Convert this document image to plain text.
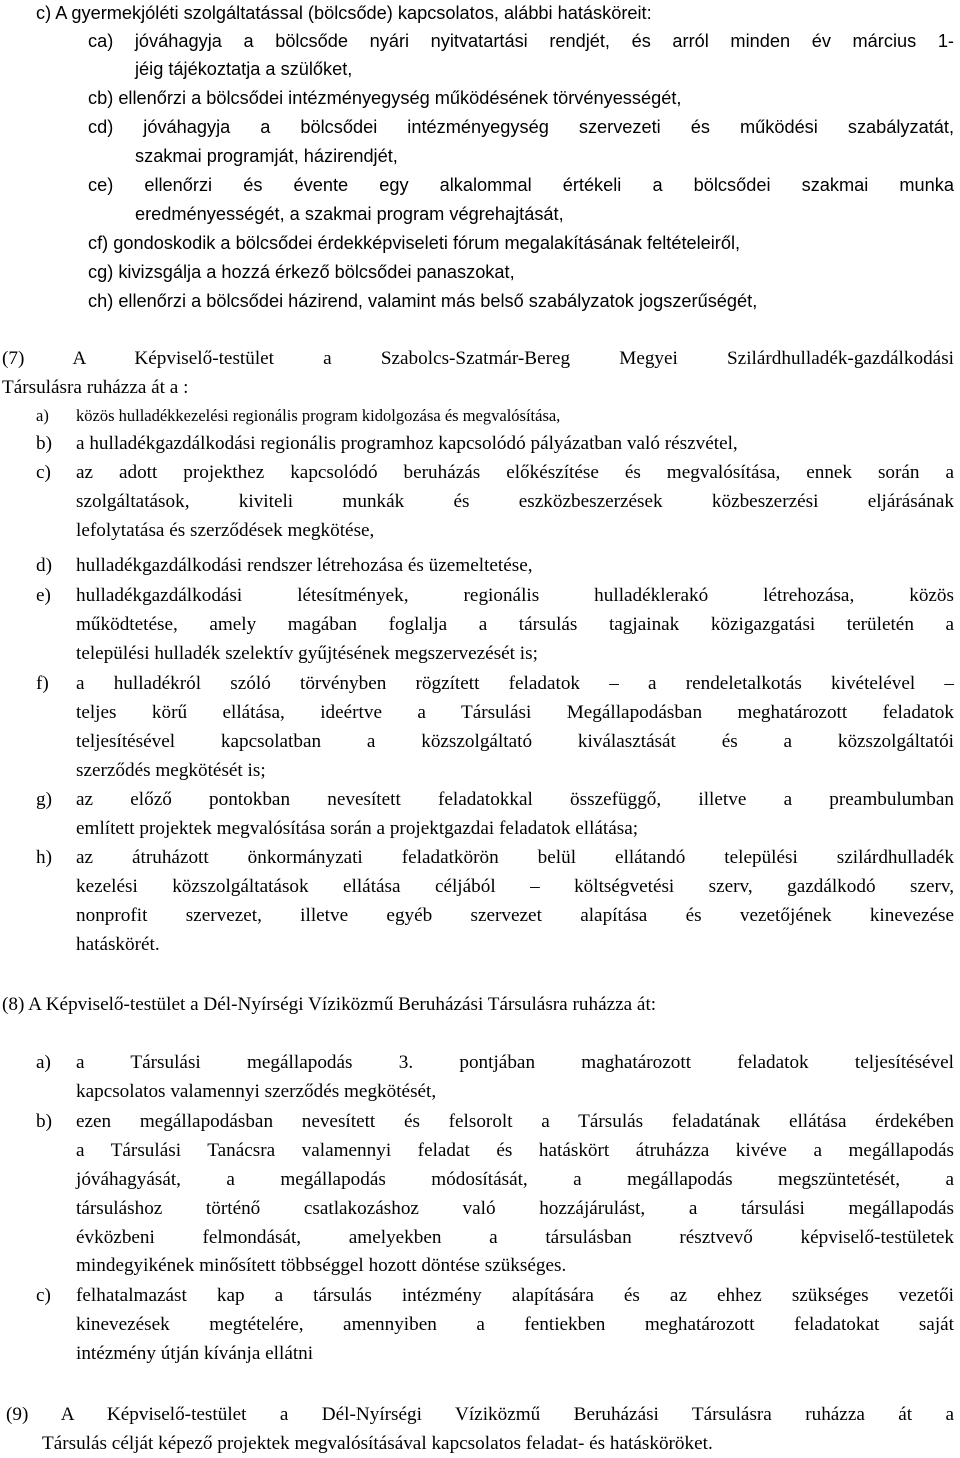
c) A gyermekjóléti szolgáltatással (bölcsőde) kapcsolatos, alábbi hatásköreit:
ca) jóváhagyja a bölcsőde nyári nyitvatartási rendjét, és arról minden év március 1-
jéig tájékoztatja a szülőket,
cb) ellenőrzi a bölcsődei intézményegység működésének törvényességét,
cd) jóváhagyja a bölcsődei intézményegység szervezeti és működési szabályzatát,
szakmai programját, házirendjét,
ce) ellenőrzi és évente egy alkalommal értékeli a bölcsődei szakmai munka
eredményességét, a szakmai program végrehajtását,
cf) gondoskodik a bölcsődei érdekképviseleti fórum megalakításának feltételeiről,
cg) kivizsgálja a hozzá érkező bölcsődei panaszokat,
ch) ellenőrzi a bölcsődei házirend, valamint más belső szabályzatok jogszerűségét,
(7) A Képviselő-testület a Szabolcs-Szatmár-Bereg Megyei Szilárdhulladék-gazdálkodási
Társulásra ruházza át a :
a) közös hulladékkezelési regionális program kidolgozása és megvalósítása,
b) a hulladékgazdálkodási regionális programhoz kapcsolódó pályázatban való részvétel,
c) az adott projekthez kapcsolódó beruházás előkészítése és megvalósítása, ennek során a
szolgáltatások, kiviteli munkák és eszközbeszerzések közbeszerzési eljárásának
lefolytatása és szerződések megkötése,
d) hulladékgazdálkodási rendszer létrehozása és üzemeltetése,
e) hulladékgazdálkodási létesítmények, regionális hulladéklerakó létrehozása, közös
működtetése, amely magában foglalja a társulás tagjainak közigazgatási területén a
települési hulladék szelektív gyűjtésének megszervezését is;
f) a hulladékról szóló törvényben rögzített feladatok – a rendeletalkotás kivételével –
teljes körű ellátása, ideértve a Társulási Megállapodásban meghatározott feladatok
teljesítésével kapcsolatban a közszolgáltató kiválasztását és a közszolgáltatói
szerződés megkötését is;
g) az előző pontokban nevesített feladatokkal összefüggő, illetve a preambulumban
említett projektek megvalósítása során a projektgazdai feladatok ellátása;
h) az átruházott önkormányzati feladatkörön belül ellátandó települési szilárdhulladék
kezelési közszolgáltatások ellátása céljából – költségvetési szerv, gazdálkodó szerv,
nonprofit szervezet, illetve egyéb szervezet alapítása és vezetőjének kinevezése
hatáskörét.
(8) A Képviselő-testület a Dél-Nyírségi Víziközmű Beruházási Társulásra ruházza át:
a) a Társulási megállapodás 3. pontjában maghatározott feladatok teljesítésével
kapcsolatos valamennyi szerződés megkötését,
b) ezen megállapodásban nevesített és felsorolt a Társulás feladatának ellátása érdekében
a Társulási Tanácsra valamennyi feladat és hatáskört átruházza kivéve a megállapodás
jóváhagyását, a megállapodás módosítását, a megállapodás megszüntetését, a
társuláshoz történő csatlakozáshoz való hozzájárulást, a társulási megállapodás
évközbeni felmondását, amelyekben a társulásban résztvevő képviselő-testületek
mindegyikének minősített többséggel hozott döntése szükséges.
c) felhatalmazást kap a társulás intézmény alapítására és az ehhez szükséges vezetői
kinevezések megtételére, amennyiben a fentiekben meghatározott feladatokat saját
intézmény útján kívánja ellátni
(9) A Képviselő-testület a Dél-Nyírségi Víziközmű Beruházási Társulásra ruházza át a
Társulás célját képező projektek megvalósításával kapcsolatos feladat- és hatásköröket.
